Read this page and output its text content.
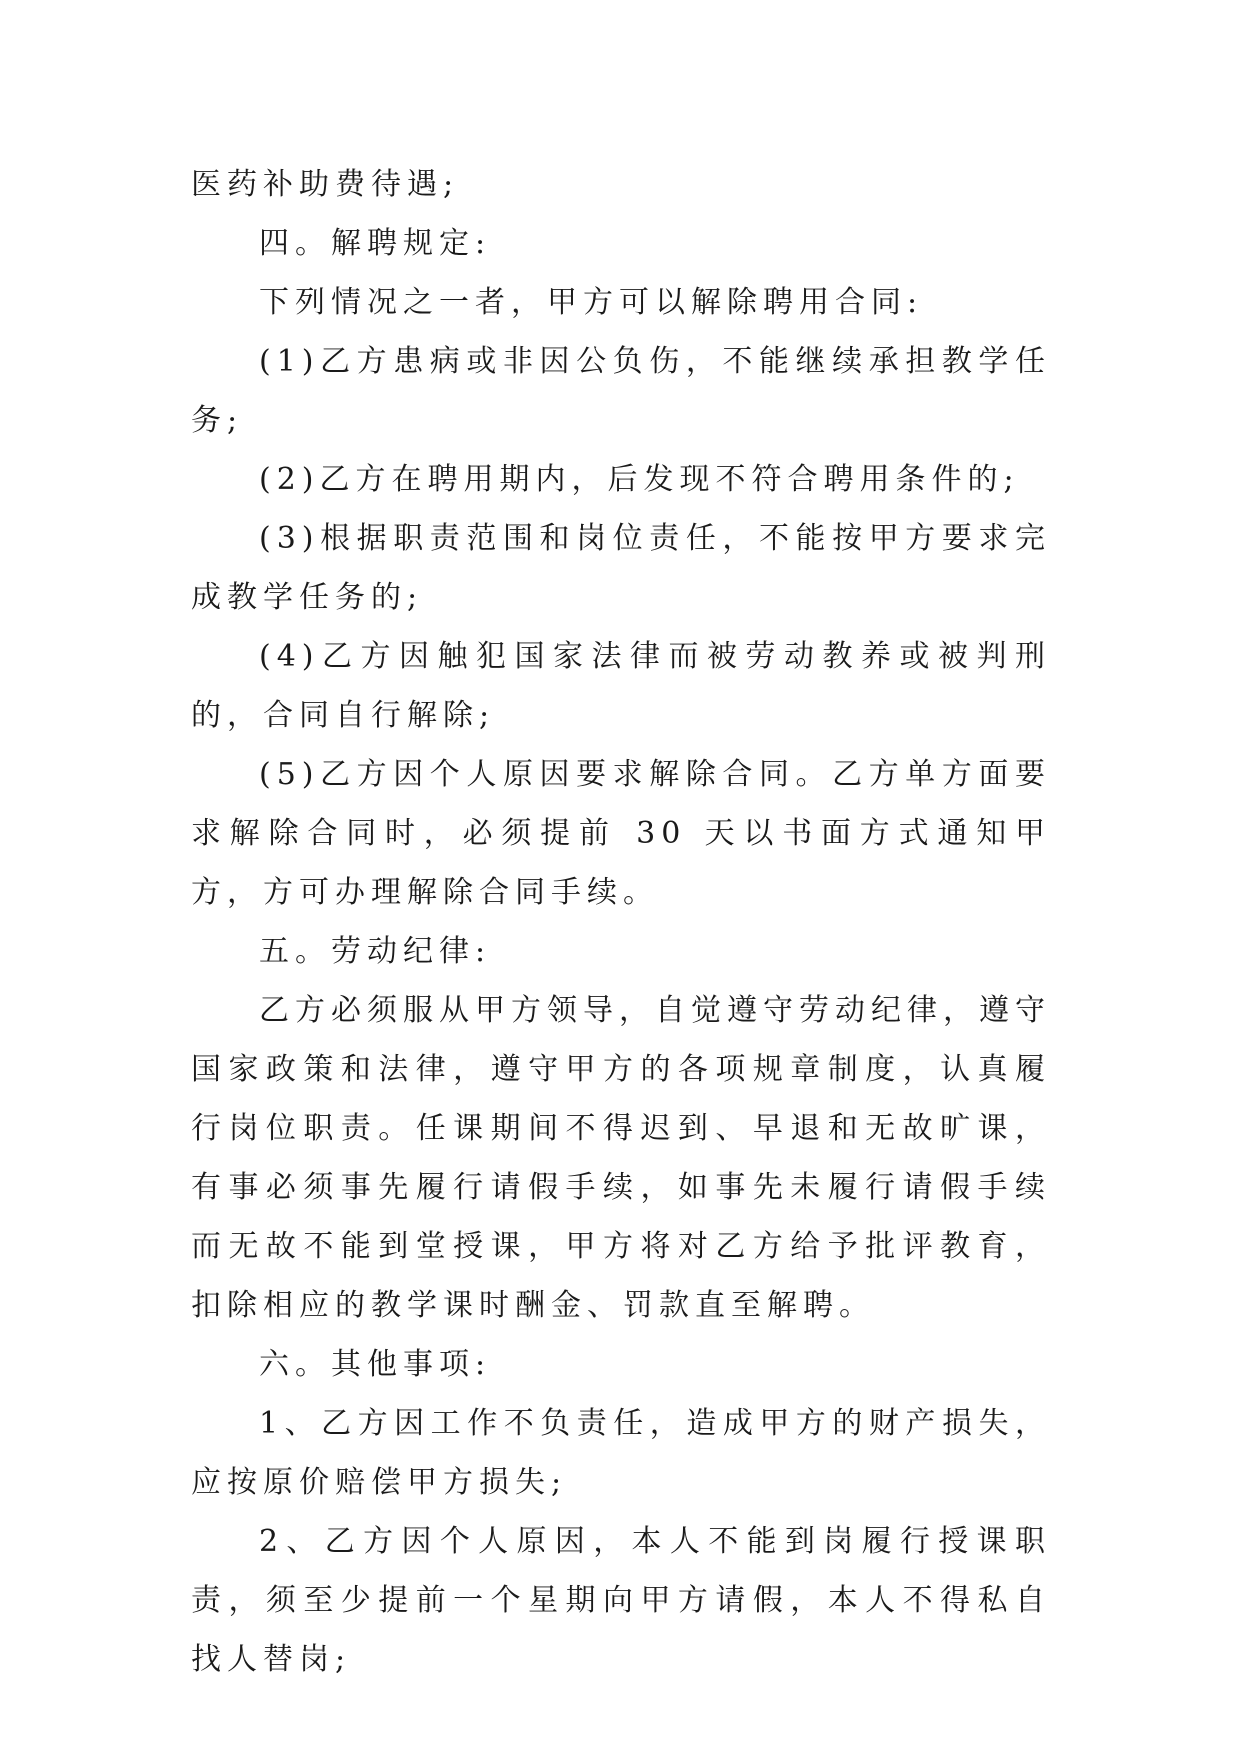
医药补助费待遇;

四。解聘规定:

下列情况之一者，甲方可以解除聘用合同:

(1)乙方患病或非因公负伤，不能继续承担教学任务;

(2)乙方在聘用期内，后发现不符合聘用条件的;

(3)根据职责范围和岗位责任，不能按甲方要求完成教学任务的;

(4)乙方因触犯国家法律而被劳动教养或被判刑的，合同自行解除;

(5)乙方因个人原因要求解除合同。乙方单方面要求解除合同时，必须提前 30 天以书面方式通知甲方，方可办理解除合同手续。

五。劳动纪律:

乙方必须服从甲方领导，自觉遵守劳动纪律，遵守国家政策和法律，遵守甲方的各项规章制度，认真履行岗位职责。任课期间不得迟到、早退和无故旷课，有事必须事先履行请假手续，如事先未履行请假手续而无故不能到堂授课，甲方将对乙方给予批评教育，扣除相应的教学课时酬金、罚款直至解聘。

六。其他事项:

1、乙方因工作不负责任，造成甲方的财产损失，应按原价赔偿甲方损失;

2、乙方因个人原因，本人不能到岗履行授课职责，须至少提前一个星期向甲方请假，本人不得私自找人替岗;
